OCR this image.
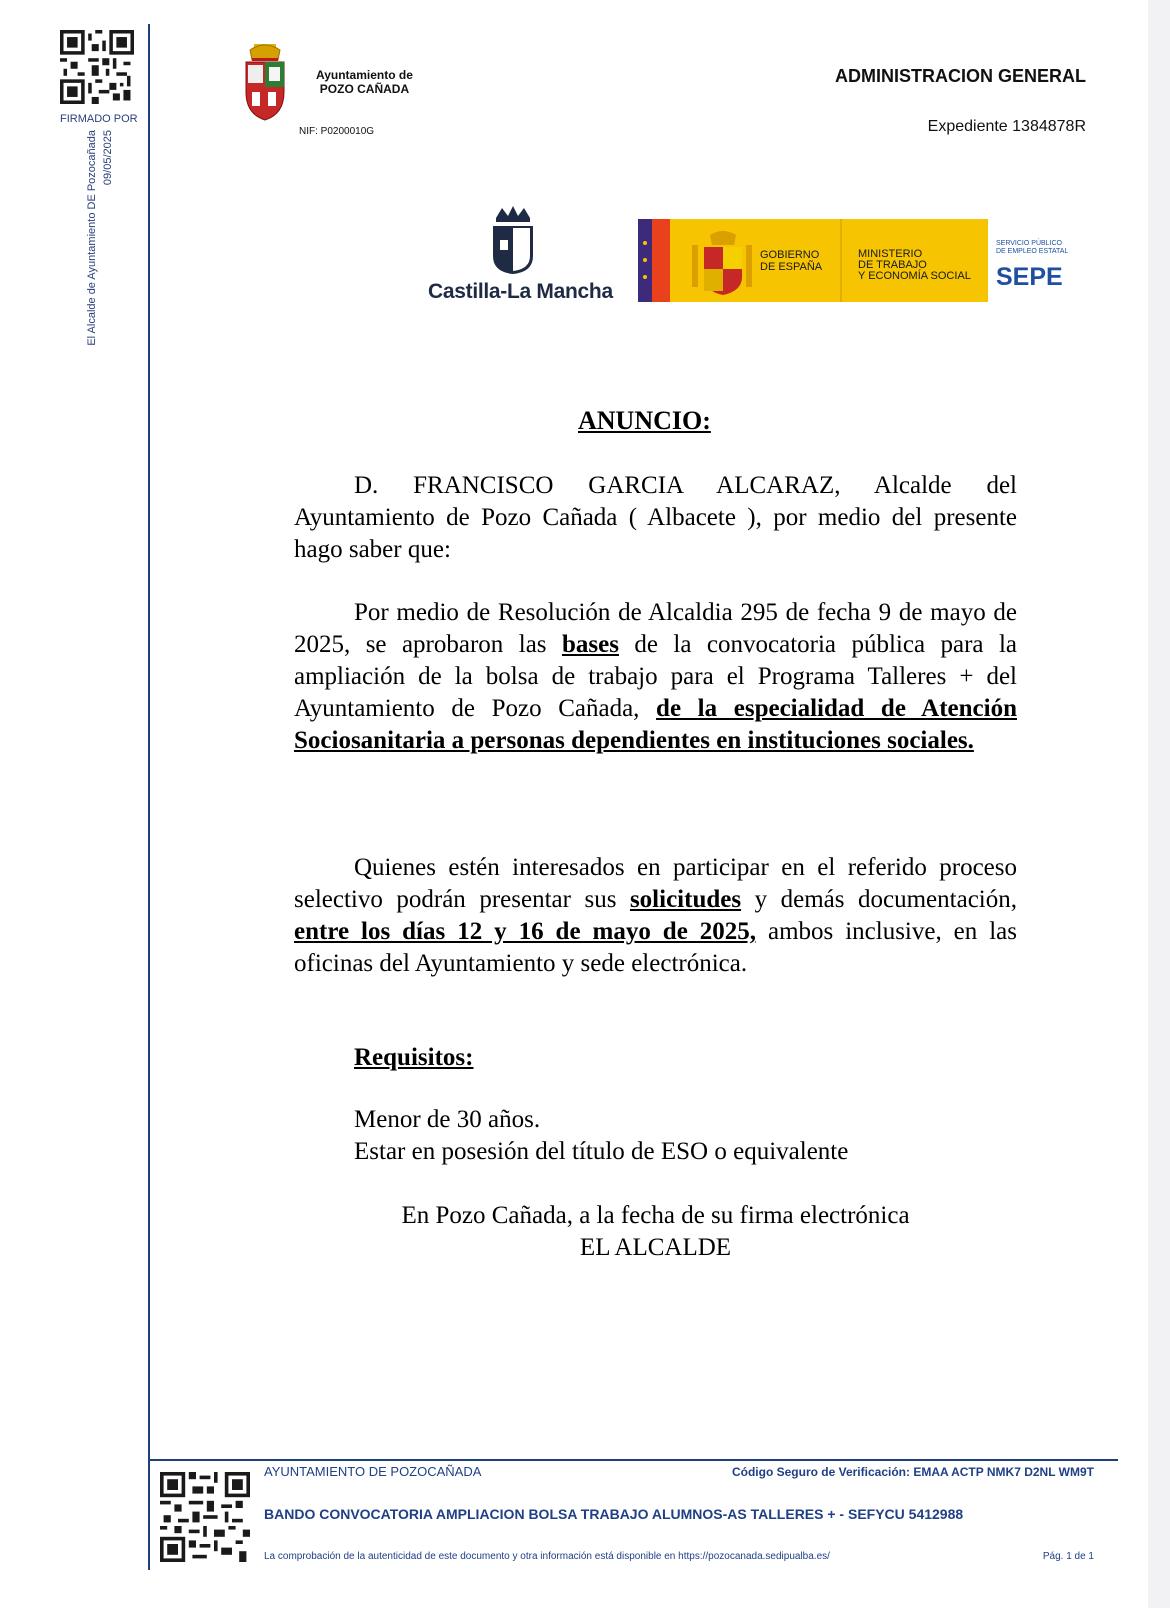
FIRMADO POR
El Alcalde de Ayuntamiento DE Pozocañada 09/05/2025
Ayuntamiento de
POZO CAÑADA
NIF: P0200010G
ADMINISTRACION GENERAL
Expediente 1384878R
Castilla-La Mancha
GOBIERNO
DE ESPAÑA
MINISTERIO
DE TRABAJO
Y ECONOMÍA SOCIAL
SERVICIO PÚBLICO
DE EMPLEO ESTATAL
SEPE
ANUNCIO:
D. FRANCISCO GARCIA ALCARAZ, Alcalde del Ayuntamiento de Pozo Cañada ( Albacete ), por medio del presente hago saber que:
Por medio de Resolución de Alcaldia 295 de fecha 9 de mayo de 2025, se aprobaron las bases de la convocatoria pública para la ampliación de la bolsa de trabajo para el Programa Talleres + del Ayuntamiento de Pozo Cañada, de la especialidad de Atención Sociosanitaria a personas dependientes en instituciones sociales.
Quienes estén interesados en participar en el referido proceso selectivo podrán presentar sus solicitudes y demás documentación, entre los días 12 y 16 de mayo de 2025, ambos inclusive, en las oficinas del Ayuntamiento y sede electrónica.
Requisitos:
Menor de 30 años.
Estar en posesión del título de ESO o equivalente
En Pozo Cañada, a la fecha de su firma electrónica
EL ALCALDE
AYUNTAMIENTO DE POZOCAÑADA	Código Seguro de Verificación: EMAA ACTP NMK7 D2NL WM9T
BANDO CONVOCATORIA AMPLIACION BOLSA TRABAJO ALUMNOS-AS TALLERES + - SEFYCU 5412988
La comprobación de la autenticidad de este documento y otra información está disponible en https://pozocanada.sedipualba.es/	Pág. 1 de 1
